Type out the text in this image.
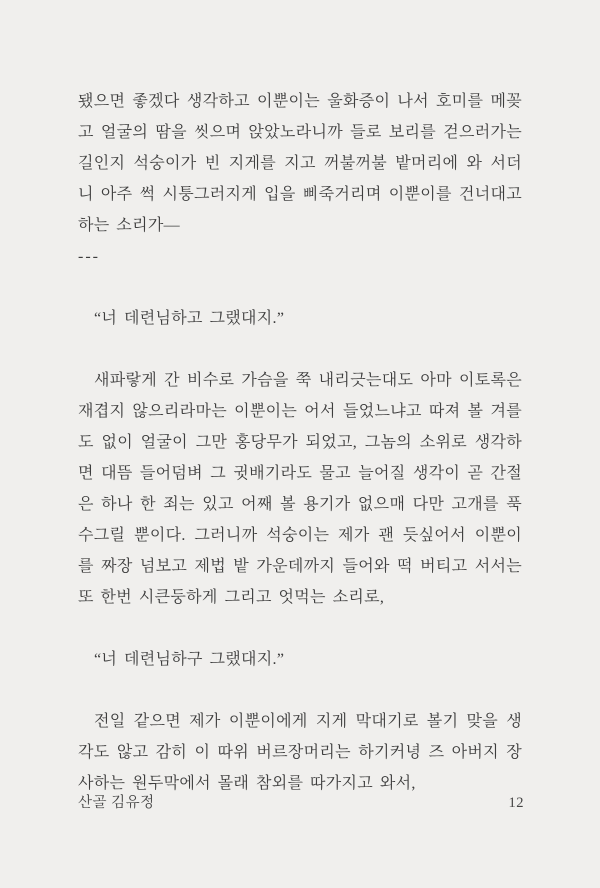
됐으면 좋겠다 생각하고 이뿐이는 울화증이 나서 호미를 메꽂고 얼굴의 땀을 씻으며 앉았노라니까 들로 보리를 걷으러가는 길인지 석숭이가 빈 지게를 지고 꺼불꺼불 밭머리에 와 서더니 아주 썩 시퉁그러지게 입을 삐죽거리며 이뿐이를 건너대고 하는 소리가—

---

“너 데련님하고 그랬대지.”

새파랗게 간 비수로 가슴을 쭉 내리긋는대도 아마 이토록은 재겹지 않으리라마는 이뿐이는 어서 들었느냐고 따져 볼 겨를도 없이 얼굴이 그만 홍당무가 되었고, 그놈의 소위로 생각하면 대뜸 들어덤벼 그 귓배기라도 물고 늘어질 생각이 곧 간절은 하나 한 죄는 있고 어째 볼 용기가 없으매 다만 고개를 푹 수그릴 뿐이다. 그러니까 석숭이는 제가 괜 듯싶어서 이뿐이를 짜장 넘보고 제법 밭 가운데까지 들어와 떡 버티고 서서는 또 한번 시큰둥하게 그리고 엇먹는 소리로,

“너 데련님하구 그랬대지.”

전일 같으면 제가 이뿐이에게 지게 막대기로 볼기 맞을 생각도 않고 감히 이 따위 버르장머리는 하기커녕 즈 아버지 장사하는 원두막에서 몰래 참외를 따가지고 와서,

산골 김유정	12
